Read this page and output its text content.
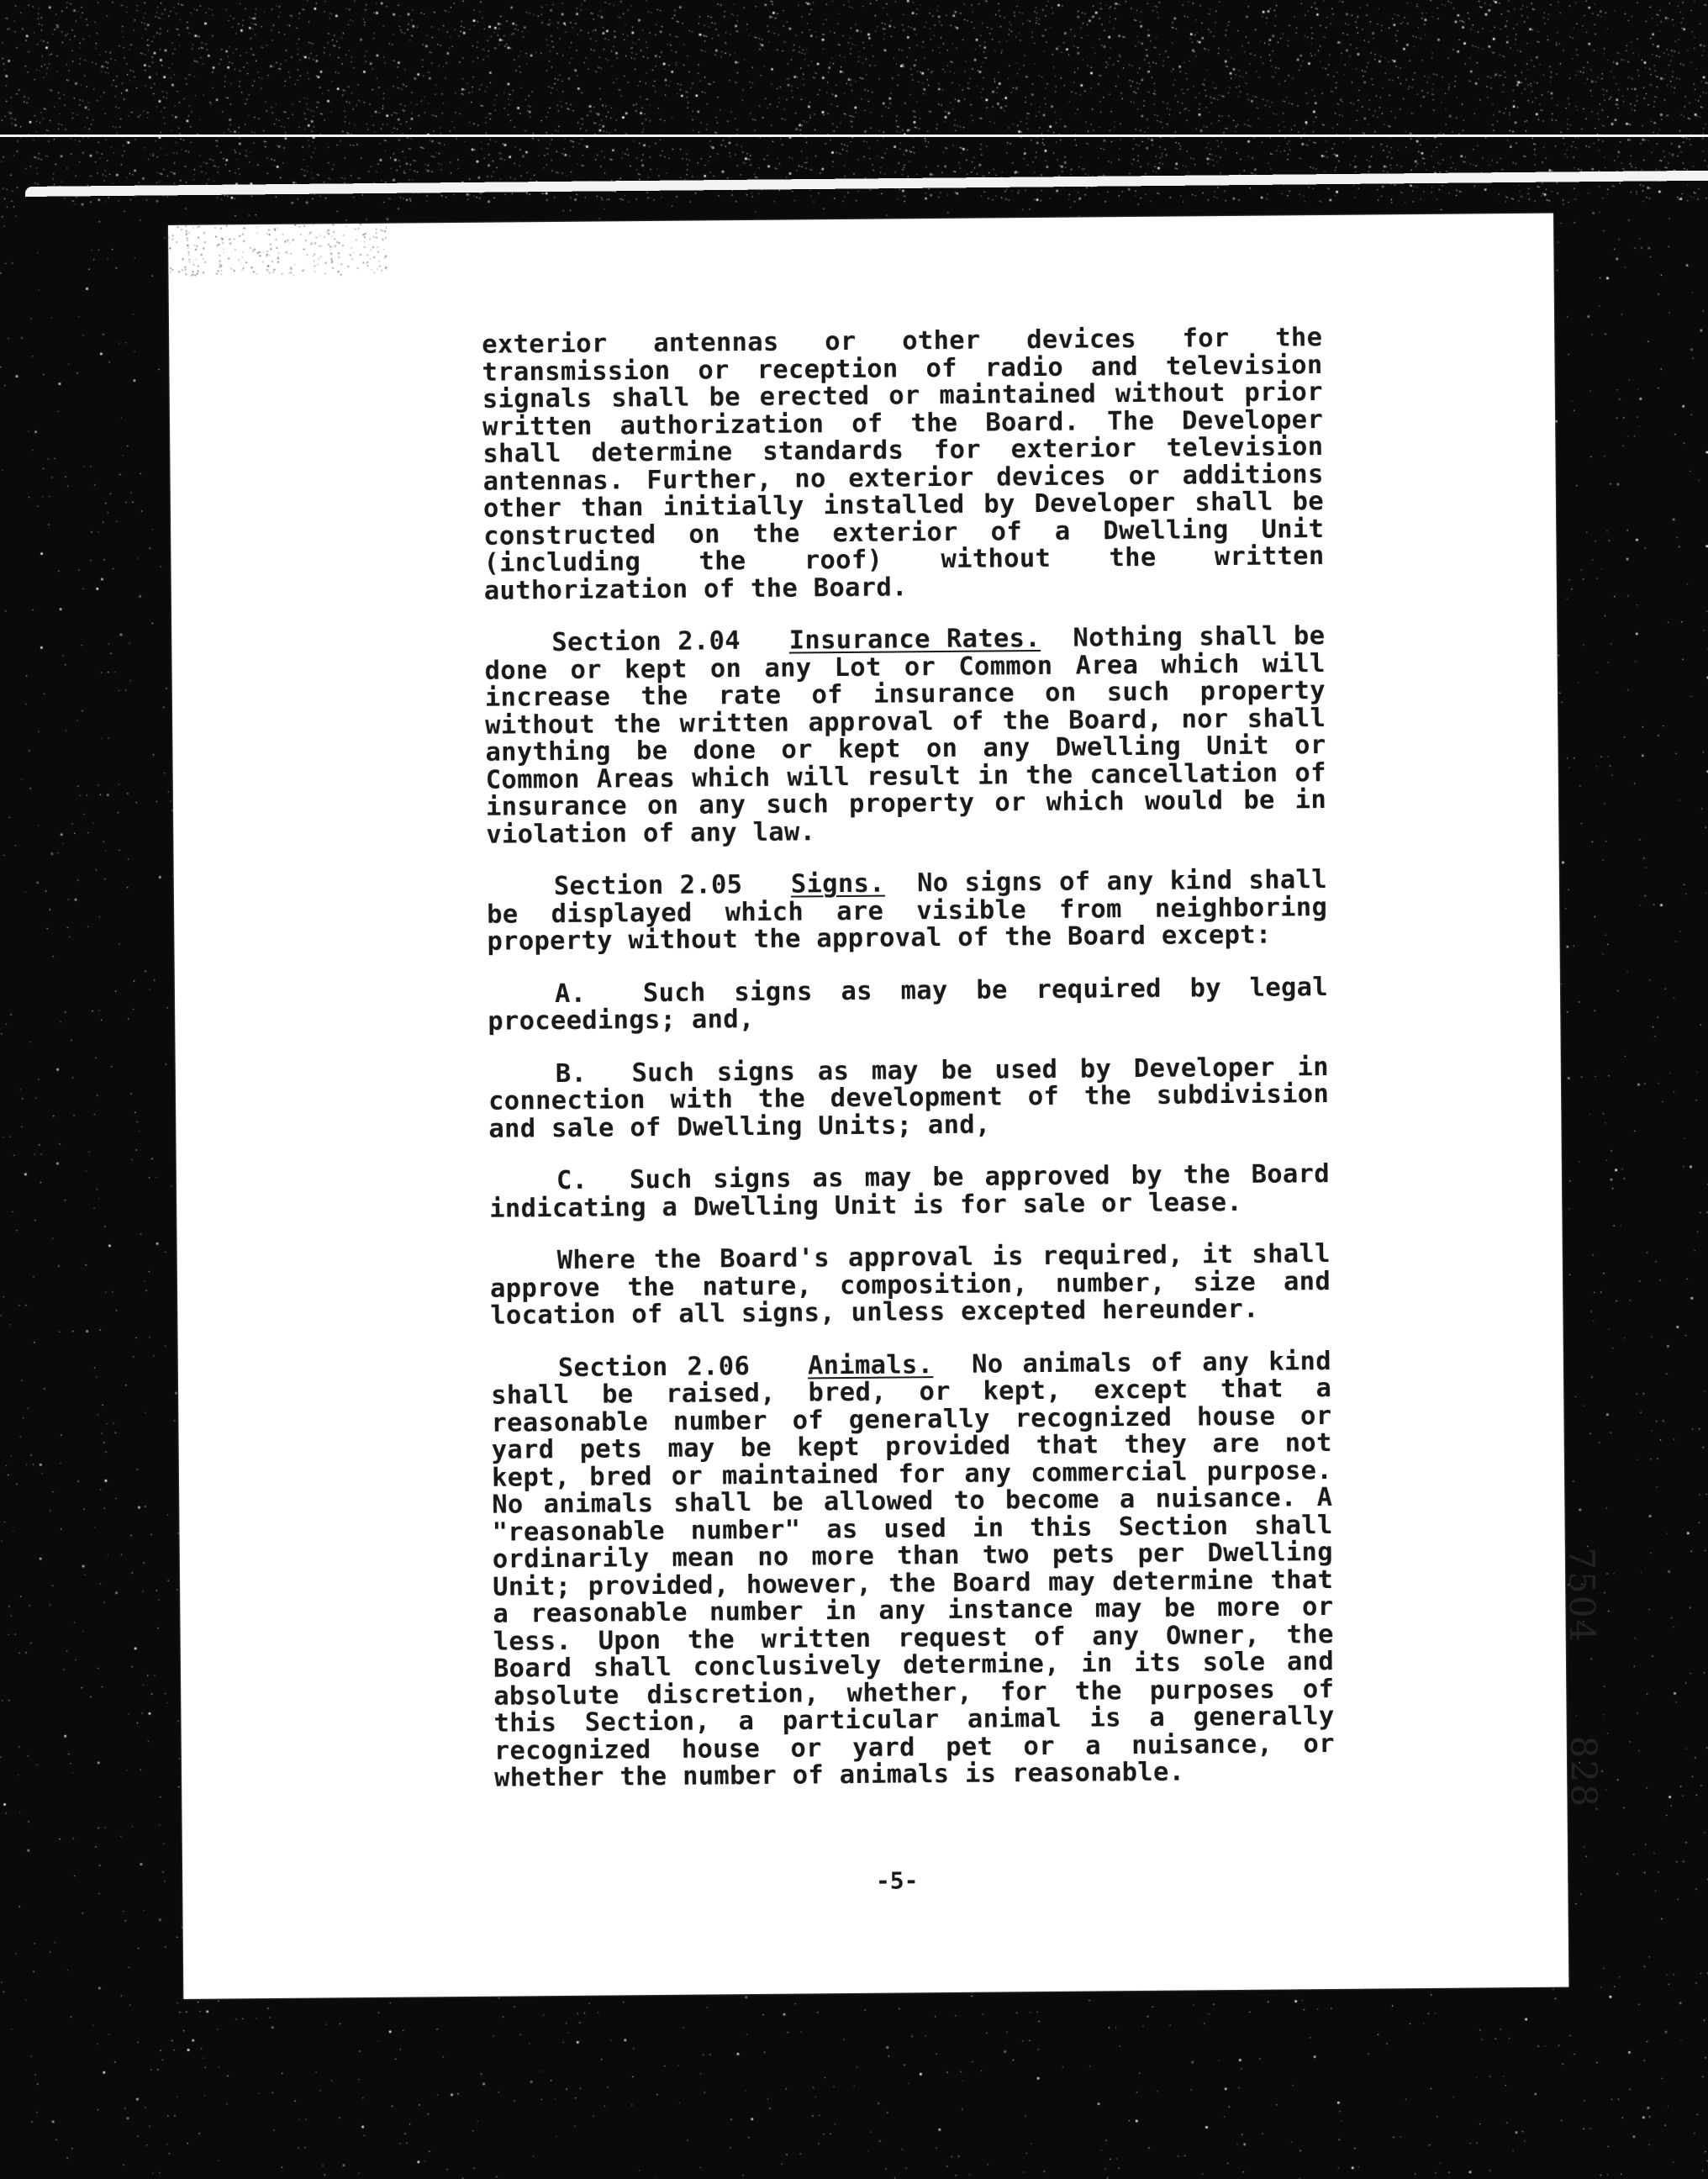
exterior antennas or other devices for the transmission or reception of radio and television signals shall be erected or maintained without prior written authorization of the Board. The Developer shall determine standards for exterior television antennas. Further, no exterior devices or additions other than initially installed by Developer shall be constructed on the exterior of a Dwelling Unit (including the roof) without the written authorization of the Board.

Section 2.04 Insurance Rates. Nothing shall be done or kept on any Lot or Common Area which will increase the rate of insurance on such property without the written approval of the Board, nor shall anything be done or kept on any Dwelling Unit or Common Areas which will result in the cancellation of insurance on any such property or which would be in violation of any law.

Section 2.05 Signs. No signs of any kind shall be displayed which are visible from neighboring property without the approval of the Board except:

A. Such signs as may be required by legal proceedings; and,

B. Such signs as may be used by Developer in connection with the development of the subdivision and sale of Dwelling Units; and,

C. Such signs as may be approved by the Board indicating a Dwelling Unit is for sale or lease.

Where the Board's approval is required, it shall approve the nature, composition, number, size and location of all signs, unless excepted hereunder.

Section 2.06 Animals. No animals of any kind shall be raised, bred, or kept, except that a reasonable number of generally recognized house or yard pets may be kept provided that they are not kept, bred or maintained for any commercial purpose. No animals shall be allowed to become a nuisance. A "reasonable number" as used in this Section shall ordinarily mean no more than two pets per Dwelling Unit; provided, however, the Board may determine that a reasonable number in any instance may be more or less. Upon the written request of any Owner, the Board shall conclusively determine, in its sole and absolute discretion, whether, for the purposes of this Section, a particular animal is a generally recognized house or yard pet or a nuisance, or whether the number of animals is reasonable.

7504
828
-5-
